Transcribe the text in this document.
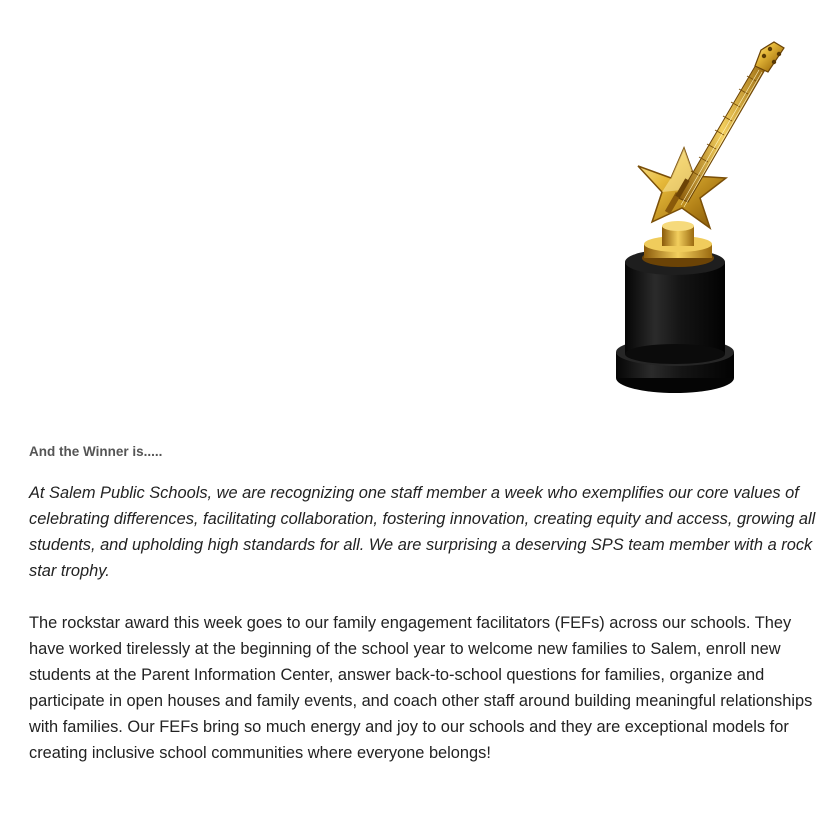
And the Winner is.....

At Salem Public Schools, we are recognizing one staff member a week who exemplifies our core values of celebrating differences, facilitating collaboration, fostering innovation, creating equity and access, growing all students, and upholding high standards for all. We are surprising a deserving SPS team member with a rock star trophy.

The rockstar award this week goes to our family engagement facilitators (FEFs) across our schools. They have worked tirelessly at the beginning of the school year to welcome new families to Salem, enroll new students at the Parent Information Center, answer back-to-school questions for families, organize and participate in open houses and family events, and coach other staff around building meaningful relationships with families. Our FEFs bring so much energy and joy to our schools and they are exceptional models for creating inclusive school communities where everyone belongs!
